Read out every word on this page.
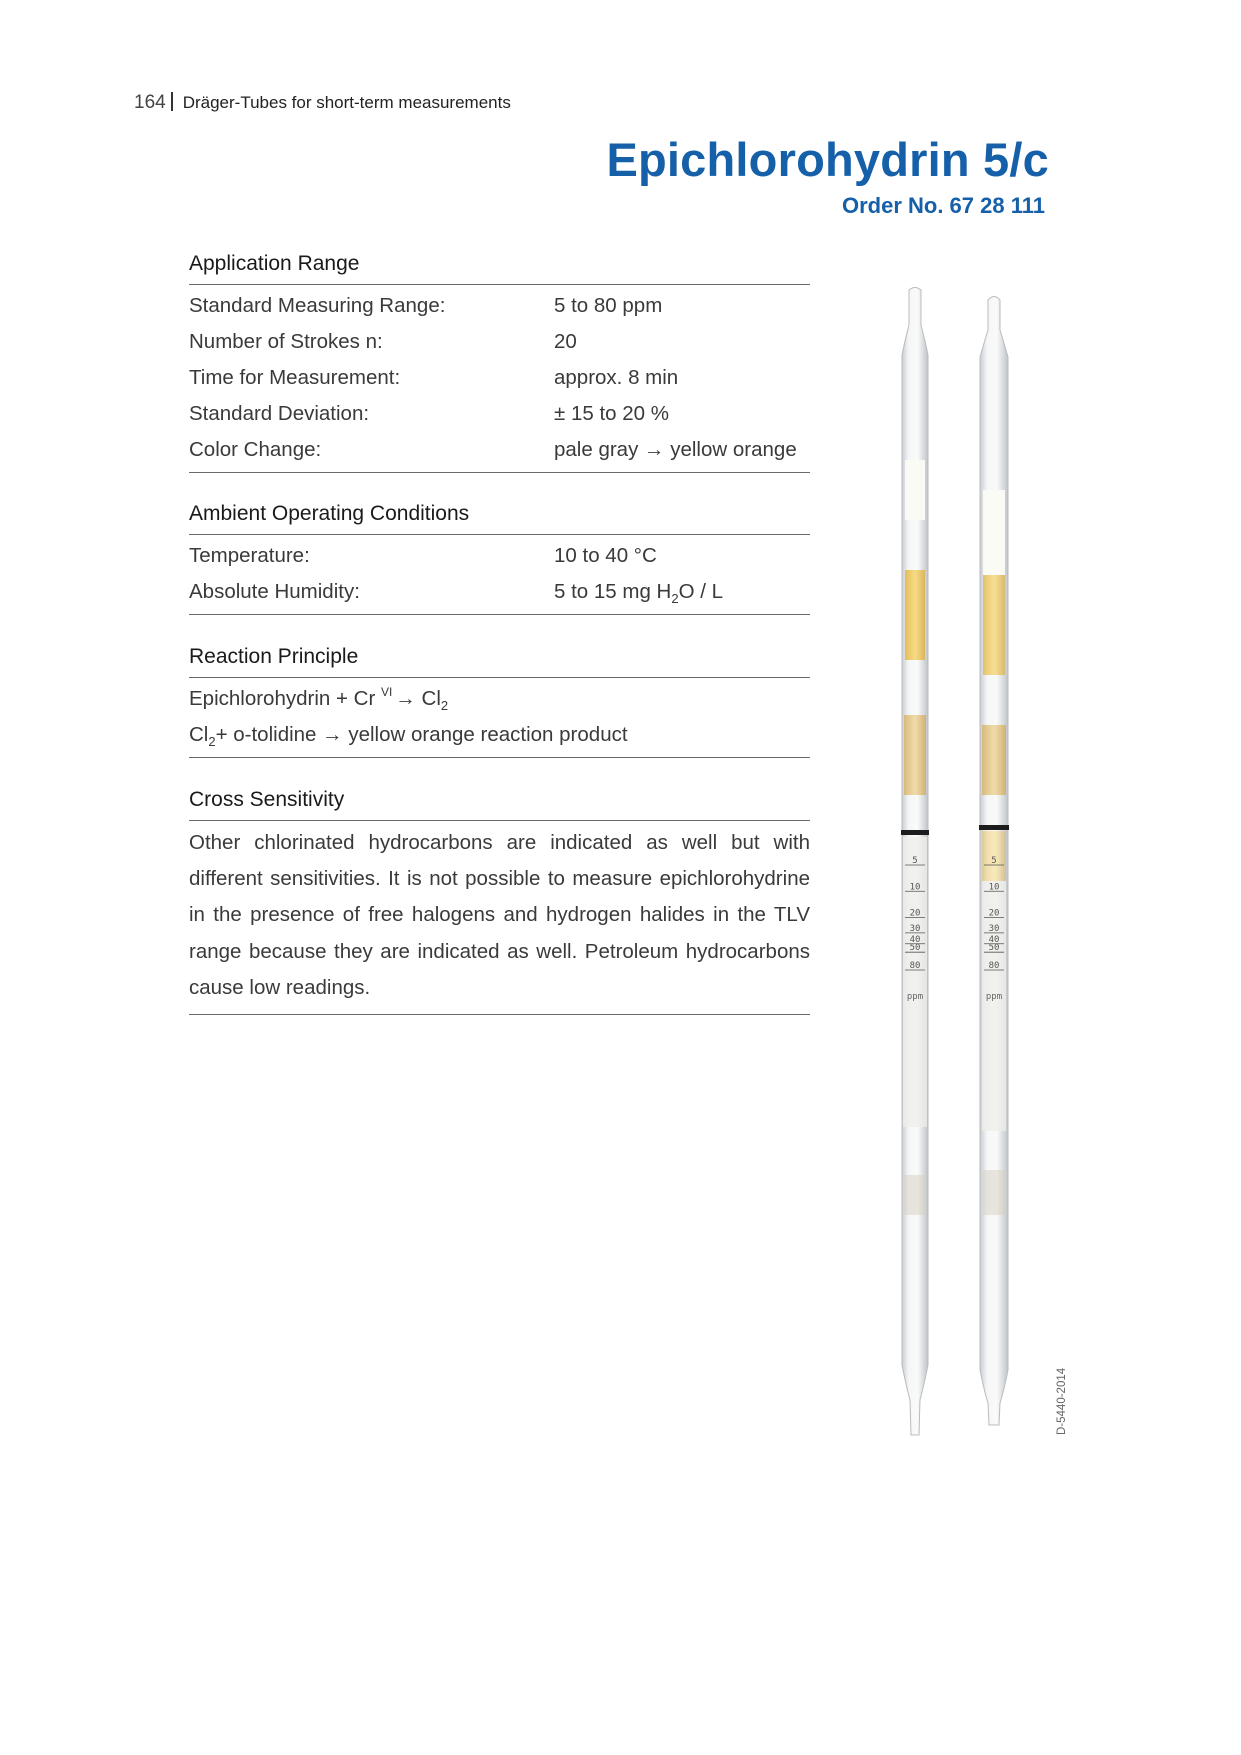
164 Dräger-Tubes for short-term measurements
Epichlorohydrin 5/c
Order No. 67 28 111
Application Range
Standard Measuring Range:	5 to 80 ppm
Number of Strokes n:	20
Time for Measurement:	approx. 8 min
Standard Deviation:	± 15 to 20 %
Color Change:	pale gray → yellow orange
Ambient Operating Conditions
Temperature:	10 to 40 °C
Absolute Humidity:	5 to 15 mg $H_2O$ / L
Reaction Principle
Epichlorohydrin + Cr $^{VI} \to Cl_2$
$Cl_2+$ o-tolidine → yellow orange reaction product
Cross Sensitivity

Other chlorinated hydrocarbons are indicated as well but with different sensitivities. It is not possible to measure epichlorohydrine in the presence of free halogens and hydrogen halides in the TLV range because they are indicated as well. Petroleum hydrocarbons cause low readings.

5
10
20
30
40
50
80
ppm
5
10
20
30
40
50
80
ppm
D-5440-2014
